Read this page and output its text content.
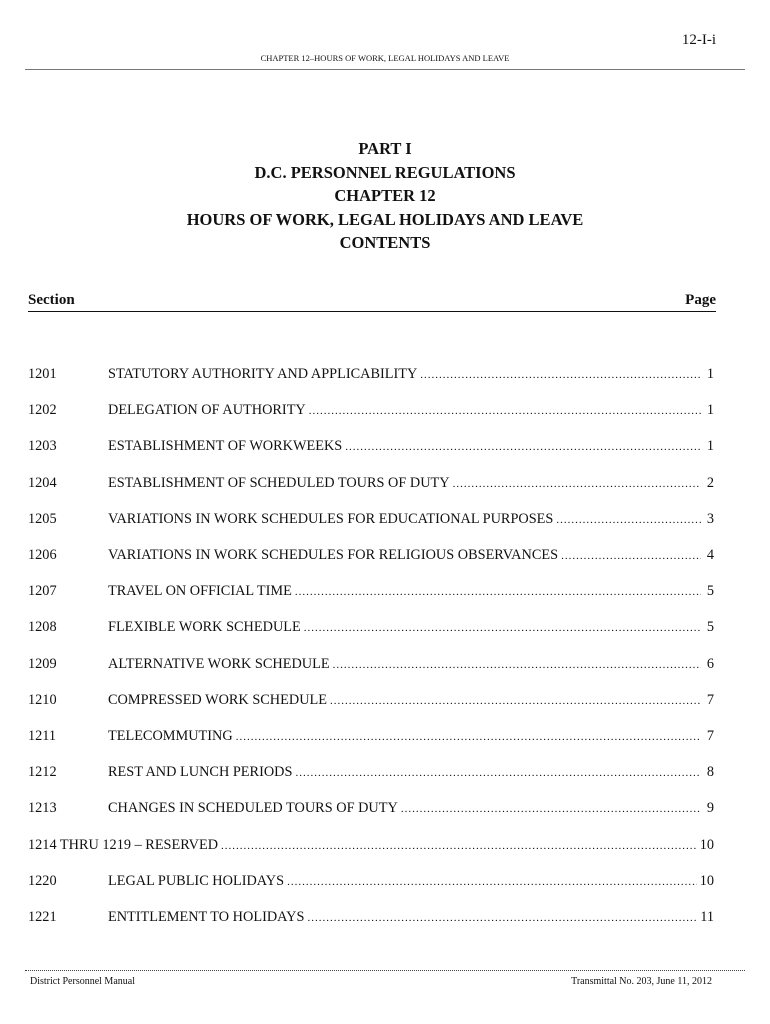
12-I-i
CHAPTER 12–HOURS OF WORK, LEGAL HOLIDAYS AND LEAVE
PART I
D.C. PERSONNEL REGULATIONS
CHAPTER 12
HOURS OF WORK, LEGAL HOLIDAYS AND LEAVE
CONTENTS
Section	Page
1201	STATUTORY AUTHORITY AND APPLICABILITY .....	1
1202	DELEGATION OF AUTHORITY .....	1
1203	ESTABLISHMENT OF WORKWEEKS .....	1
1204	ESTABLISHMENT OF SCHEDULED TOURS OF DUTY .....	2
1205	VARIATIONS IN WORK SCHEDULES FOR EDUCATIONAL PURPOSES .....	3
1206	VARIATIONS IN WORK SCHEDULES FOR RELIGIOUS OBSERVANCES .....	4
1207	TRAVEL ON OFFICIAL TIME .....	5
1208	FLEXIBLE WORK SCHEDULE .....	5
1209	ALTERNATIVE WORK SCHEDULE .....	6
1210	COMPRESSED WORK SCHEDULE .....	7
1211	TELECOMMUTING .....	7
1212	REST AND LUNCH PERIODS .....	8
1213	CHANGES IN SCHEDULED TOURS OF DUTY .....	9
1214 THRU 1219 – RESERVED .....	10
1220	LEGAL PUBLIC HOLIDAYS .....	10
1221	ENTITLEMENT TO HOLIDAYS .....	11
District Personnel Manual	Transmittal No. 203, June 11, 2012
